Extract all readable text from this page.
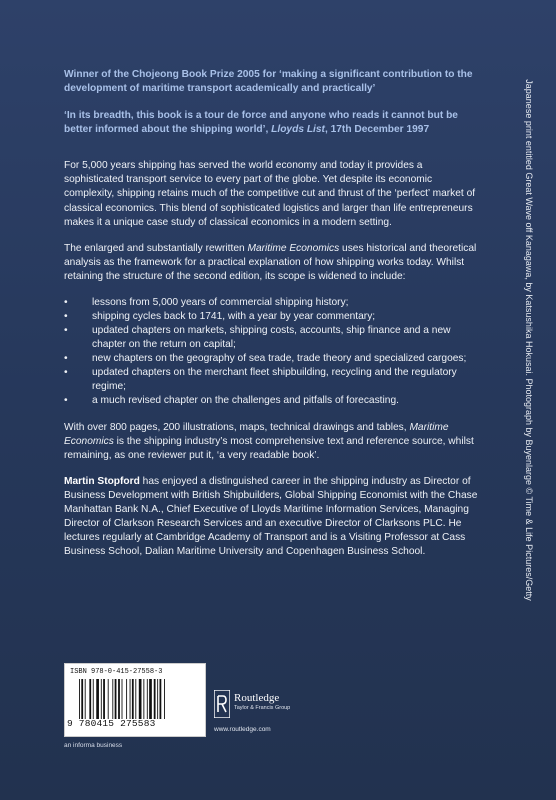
Winner of the Chojeong Book Prize 2005 for ‘making a significant contribution to the development of maritime transport academically and practically’

‘In its breadth, this book is a tour de force and anyone who reads it cannot but be better informed about the shipping world’, Lloyds List, 17th December 1997

For 5,000 years shipping has served the world economy and today it provides a sophisticated transport service to every part of the globe. Yet despite its economic complexity, shipping retains much of the competitive cut and thrust of the ‘perfect’ market of classical economics. This blend of sophisticated logistics and larger than life entrepreneurs makes it a unique case study of classical economics in a modern setting.

The enlarged and substantially rewritten Maritime Economics uses historical and theoretical analysis as the framework for a practical explanation of how shipping works today. Whilst retaining the structure of the second edition, its scope is widened to include:

• lessons from 5,000 years of commercial shipping history;
• shipping cycles back to 1741, with a year by year commentary;
• updated chapters on markets, shipping costs, accounts, ship finance and a new chapter on the return on capital;
• new chapters on the geography of sea trade, trade theory and specialized cargoes;
• updated chapters on the merchant fleet shipbuilding, recycling and the regulatory regime;
• a much revised chapter on the challenges and pitfalls of forecasting.

With over 800 pages, 200 illustrations, maps, technical drawings and tables, Maritime Economics is the shipping industry’s most comprehensive text and reference source, whilst remaining, as one reviewer put it, ‘a very readable book’.

Martin Stopford has enjoyed a distinguished career in the shipping industry as Director of Business Development with British Shipbuilders, Global Shipping Economist with the Chase Manhattan Bank N.A., Chief Executive of Lloyds Maritime Information Services, Managing Director of Clarkson Research Services and an executive Director of Clarksons PLC. He lectures regularly at Cambridge Academy of Transport and is a Visiting Professor at Cass Business School, Dalian Maritime University and Copenhagen Business School.	Japanese print entitled Great Wave off Kanagawa, by Katsushika Hokusai. Photograph by Buyenlarge © Time & Life Pictures/Getty
ISBN 978-0-415-27558-3
9 780415 275583
an informa business
Routledge
Taylor & Francis Group
www.routledge.com
